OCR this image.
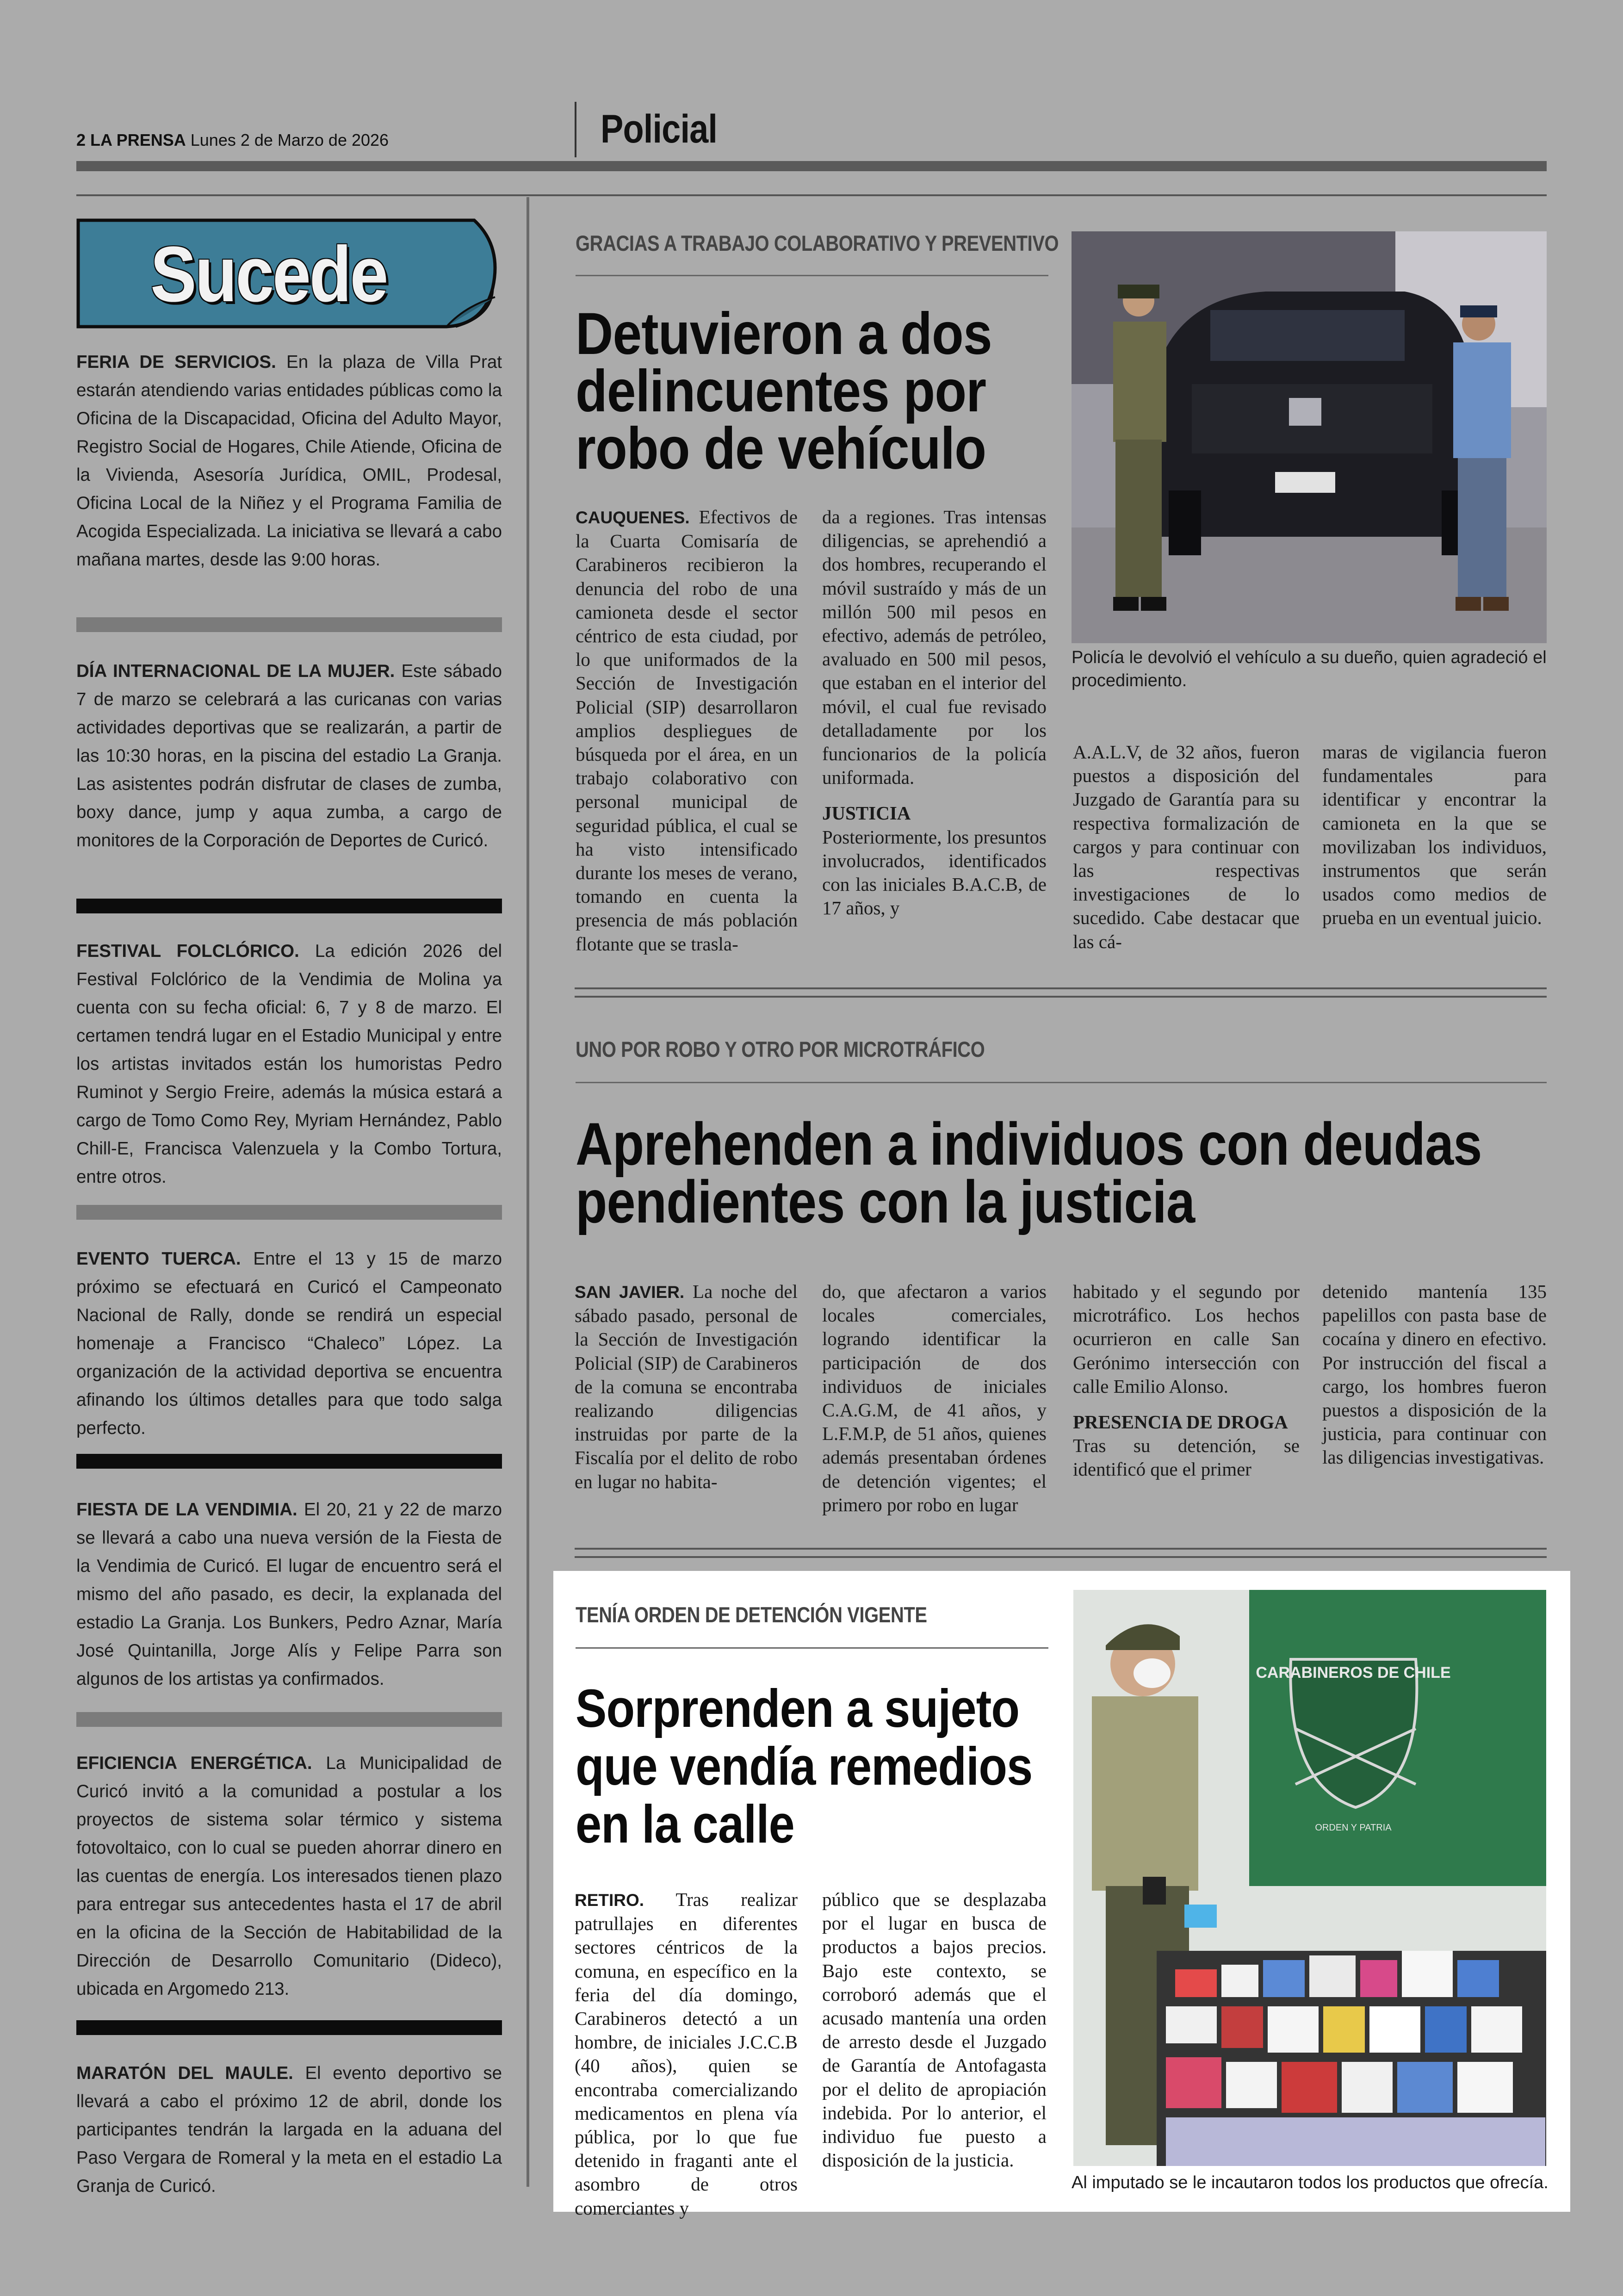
2 LA PRENSA Lunes 2 de Marzo de 2026	Policial
Sucede
FERIA DE SERVICIOS. En la plaza de Villa Prat estarán atendiendo varias entidades públicas como la Oficina de la Discapacidad, Oficina del Adulto Mayor, Registro Social de Hogares, Chile Atiende, Oficina de la Vivienda, Asesoría Jurídica, OMIL, Prodesal, Oficina Local de la Niñez y el Programa Familia de Acogida Especializada. La iniciativa se llevará a cabo mañana martes, desde las 9:00 horas.
DÍA INTERNACIONAL DE LA MUJER. Este sábado 7 de marzo se celebrará a las curicanas con varias actividades deportivas que se realizarán, a partir de las 10:30 horas, en la piscina del estadio La Granja. Las asistentes podrán disfrutar de clases de zumba, boxy dance, jump y aqua zumba, a cargo de monitores de la Corporación de Deportes de Curicó.
FESTIVAL FOLCLÓRICO. La edición 2026 del Festival Folclórico de la Vendimia de Molina ya cuenta con su fecha oficial: 6, 7 y 8 de marzo. El certamen tendrá lugar en el Estadio Municipal y entre los artistas invitados están los humoristas Pedro Ruminot y Sergio Freire, además la música estará a cargo de Tomo Como Rey, Myriam Hernández, Pablo Chill-E, Francisca Valenzuela y la Combo Tortura, entre otros.
EVENTO TUERCA. Entre el 13 y 15 de marzo próximo se efectuará en Curicó el Campeonato Nacional de Rally, donde se rendirá un especial homenaje a Francisco “Chaleco” López. La organización de la actividad deportiva se encuentra afinando los últimos detalles para que todo salga perfecto.
FIESTA DE LA VENDIMIA. El 20, 21 y 22 de marzo se llevará a cabo una nueva versión de la Fiesta de la Vendimia de Curicó. El lugar de encuentro será el mismo del año pasado, es decir, la explanada del estadio La Granja. Los Bunkers, Pedro Aznar, María José Quintanilla, Jorge Alís y Felipe Parra son algunos de los artistas ya confirmados.
EFICIENCIA ENERGÉTICA. La Municipalidad de Curicó invitó a la comunidad a postular a los proyectos de sistema solar térmico y sistema fotovoltaico, con lo cual se pueden ahorrar dinero en las cuentas de energía. Los interesados tienen plazo para entregar sus antecedentes hasta el 17 de abril en la oficina de la Sección de Habitabilidad de la Dirección de Desarrollo Comunitario (Dideco), ubicada en Argomedo 213.
MARATÓN DEL MAULE. El evento deportivo se llevará a cabo el próximo 12 de abril, donde los participantes tendrán la largada en la aduana del Paso Vergara de Romeral y la meta en el estadio La Granja de Curicó.
GRACIAS A TRABAJO COLABORATIVO Y PREVENTIVO
Detuvieron a dos delincuentes por robo de vehículo
Policía le devolvió el vehículo a su dueño, quien agradeció el procedimiento.
CAUQUENES. Efectivos de la Cuarta Comisaría de Carabineros recibieron la denuncia del robo de una camioneta desde el sector céntrico de esta ciudad, por lo que uniformados de la Sección de Investigación Policial (SIP) desarrollaron amplios despliegues de búsqueda por el área, en un trabajo colaborativo con personal municipal de seguridad pública, el cual se ha visto intensificado durante los meses de verano, tomando en cuenta la presencia de más población flotante que se trasla-
da a regiones. Tras intensas diligencias, se aprehendió a dos hombres, recuperando el móvil sustraído y más de un millón 500 mil pesos en efectivo, además de petróleo, avaluado en 500 mil pesos, que estaban en el interior del móvil, el cual fue revisado detalladamente por los funcionarios de la policía uniformada.
JUSTICIA
Posteriormente, los presuntos involucrados, identificados con las iniciales B.A.C.B, de 17 años, y
A.A.L.V, de 32 años, fueron puestos a disposición del Juzgado de Garantía para su respectiva formalización de cargos y para continuar con las respectivas investigaciones de lo sucedido. Cabe destacar que las cá-
maras de vigilancia fueron fundamentales para identificar y encontrar la camioneta en la que se movilizaban los individuos, instrumentos que serán usados como medios de prueba en un eventual juicio.
UNO POR ROBO Y OTRO POR MICROTRÁFICO
Aprehenden a individuos con deudas pendientes con la justicia
SAN JAVIER. La noche del sábado pasado, personal de la Sección de Investigación Policial (SIP) de Carabineros de la comuna se encontraba realizando diligencias instruidas por parte de la Fiscalía por el delito de robo en lugar no habita-
do, que afectaron a varios locales comerciales, logrando identificar la participación de dos individuos de iniciales C.A.G.M, de 41 años, y L.F.M.P, de 51 años, quienes además presentaban órdenes de detención vigentes; el primero por robo en lugar
habitado y el segundo por microtráfico. Los hechos ocurrieron en calle San Gerónimo intersección con calle Emilio Alonso.
PRESENCIA DE DROGA
Tras su detención, se identificó que el primer
detenido mantenía 135 papelillos con pasta base de cocaína y dinero en efectivo. Por instrucción del fiscal a cargo, los hombres fueron puestos a disposición de la justicia, para continuar con las diligencias investigativas.
TENÍA ORDEN DE DETENCIÓN VIGENTE
Sorprenden a sujeto que vendía remedios en la calle
RETIRO. Tras realizar patrullajes en diferentes sectores céntricos de la comuna, en específico en la feria del día domingo, Carabineros detectó a un hombre, de iniciales J.C.C.B (40 años), quien se encontraba comercializando medicamentos en plena vía pública, por lo que fue detenido in fraganti ante el asombro de otros comerciantes y
público que se desplazaba por el lugar en busca de productos a bajos precios. Bajo este contexto, se corroboró además que el acusado mantenía una orden de arresto desde el Juzgado de Garantía de Antofagasta por el delito de apropiación indebida. Por lo anterior, el individuo fue puesto a disposición de la justicia.
CARABINEROS DE CHILE
ORDEN Y PATRIA
Al imputado se le incautaron todos los productos que ofrecía.
